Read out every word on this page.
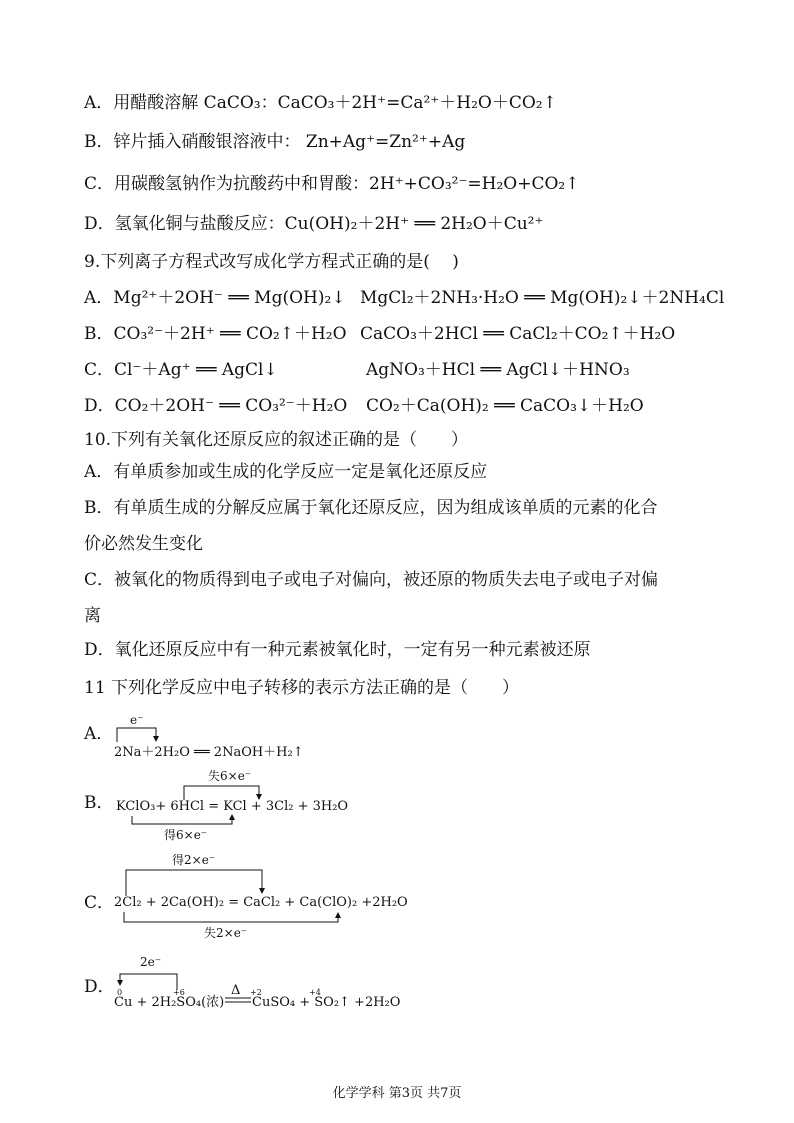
A．用醋酸溶解 CaCO₃：CaCO₃＋2H⁺=Ca²⁺＋H₂O＋CO₂↑
B．锌片插入硝酸银溶液中： Zn+Ag⁺=Zn²⁺+Ag
C．用碳酸氢钠作为抗酸药中和胃酸：2H⁺+CO₃²⁻=H₂O+CO₂↑
D．氢氧化铜与盐酸反应：Cu(OH)₂＋2H⁺ ══ 2H₂O＋Cu²⁺
9.下列离子方程式改写成化学方程式正确的是(　 )
A．Mg²⁺＋2OH⁻ ══ Mg(OH)₂↓ MgCl₂＋2NH₃·H₂O ══ Mg(OH)₂↓＋2NH₄Cl
B．CO₃²⁻＋2H⁺ ══ CO₂↑＋H₂O CaCO₃＋2HCl ══ CaCl₂＋CO₂↑＋H₂O
C．Cl⁻＋Ag⁺ ══ AgCl↓	AgNO₃＋HCl ══ AgCl↓＋HNO₃
D．CO₂＋2OH⁻ ══ CO₃²⁻＋H₂O CO₂＋Ca(OH)₂ ══ CaCO₃↓＋H₂O
10.下列有关氧化还原反应的叙述正确的是（　　）
A．有单质参加或生成的化学反应一定是氧化还原反应
B．有单质生成的分解反应属于氧化还原反应，因为组成该单质的元素的化合
价必然发生变化
C．被氧化的物质得到电子或电子对偏向，被还原的物质失去电子或电子对偏
离
D．氧化还原反应中有一种元素被氧化时，一定有另一种元素被还原
11 下列化学反应中电子转移的表示方法正确的是（　　）
A．
e⁻
2Na＋2H₂O ══ 2NaOH＋H₂↑
B．
失6×e⁻
KClO₃+ 6HCl = KCl + 3Cl₂ + 3H₂O
得6×e⁻
C．
得2×e⁻
2Cl₂ + 2Ca(OH)₂ = CaCl₂ + Ca(ClO)₂ +2H₂O
失2×e⁻
D．
2e⁻
0	+6
Cu + 2H₂SO₄(浓)
Δ +2	+4
CuSO₄ + SO₂↑ +2H₂O
化学学科 第3页 共7页
